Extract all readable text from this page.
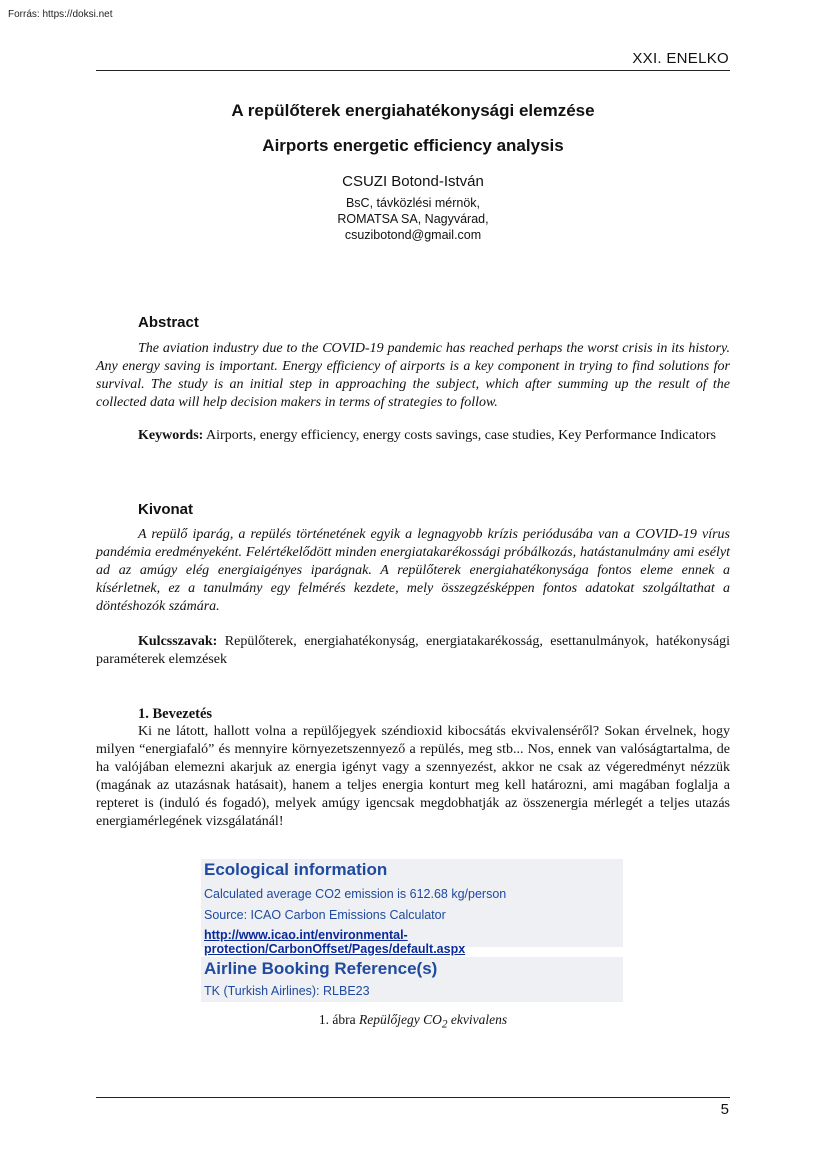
Forrás: https://doksi.net
XXI. ENELKO
A repülőterek energiahatékonysági elemzése
Airports energetic efficiency analysis
CSUZI Botond-István
BsC, távközlési mérnök,
ROMATSA SA, Nagyvárad,
csuzibotond@gmail.com
Abstract
The aviation industry due to the COVID-19 pandemic has reached perhaps the worst crisis in its history. Any energy saving is important. Energy efficiency of airports is a key component in trying to find solutions for survival. The study is an initial step in approaching the subject, which after summing up the result of the collected data will help decision makers in terms of strategies to follow.
Keywords: Airports, energy efficiency, energy costs savings, case studies, Key Performance Indicators
Kivonat
A repülő iparág, a repülés történetének egyik a legnagyobb krízis periódusába van a COVID-19 vírus pandémia eredményeként. Felértékelődött minden energiatakarékossági próbálkozás, hatástanulmány ami esélyt ad az amúgy elég energiaigényes iparágnak. A repülőterek energiahatékonysága fontos eleme ennek a kísérletnek, ez a tanulmány egy felmérés kezdete, mely összegzésképpen fontos adatokat szolgáltathat a döntéshozók számára.
Kulcsszavak: Repülőterek, energiahatékonyság, energiatakarékosság, esettanulmányok, hatékonysági paraméterek elemzések
1. Bevezetés
Ki ne látott, hallott volna a repülőjegyek széndioxid kibocsátás ekvivalenséről? Sokan érvelnek, hogy milyen “energiafaló” és mennyire környezetszennyező a repülés, meg stb... Nos, ennek van valóságtartalma, de ha valójában elemezni akarjuk az energia igényt vagy a szennyezést, akkor ne csak az végeredményt nézzük (magának az utazásnak hatásait), hanem a teljes energia konturt meg kell határozni, ami magában foglalja a repteret is (induló és fogadó), melyek amúgy igencsak megdobhatják az összenergia mérlegét a teljes utazás energiamérlegének vizsgálatánál!
Ecological information
Calculated average CO2 emission is 612.68 kg/person
Source: ICAO Carbon Emissions Calculator
http://www.icao.int/environmental-protection/CarbonOffset/Pages/default.aspx
Airline Booking Reference(s)
TK (Turkish Airlines): RLBE23
1. ábra Repülőjegy $CO_2$ ekvivalens
5
